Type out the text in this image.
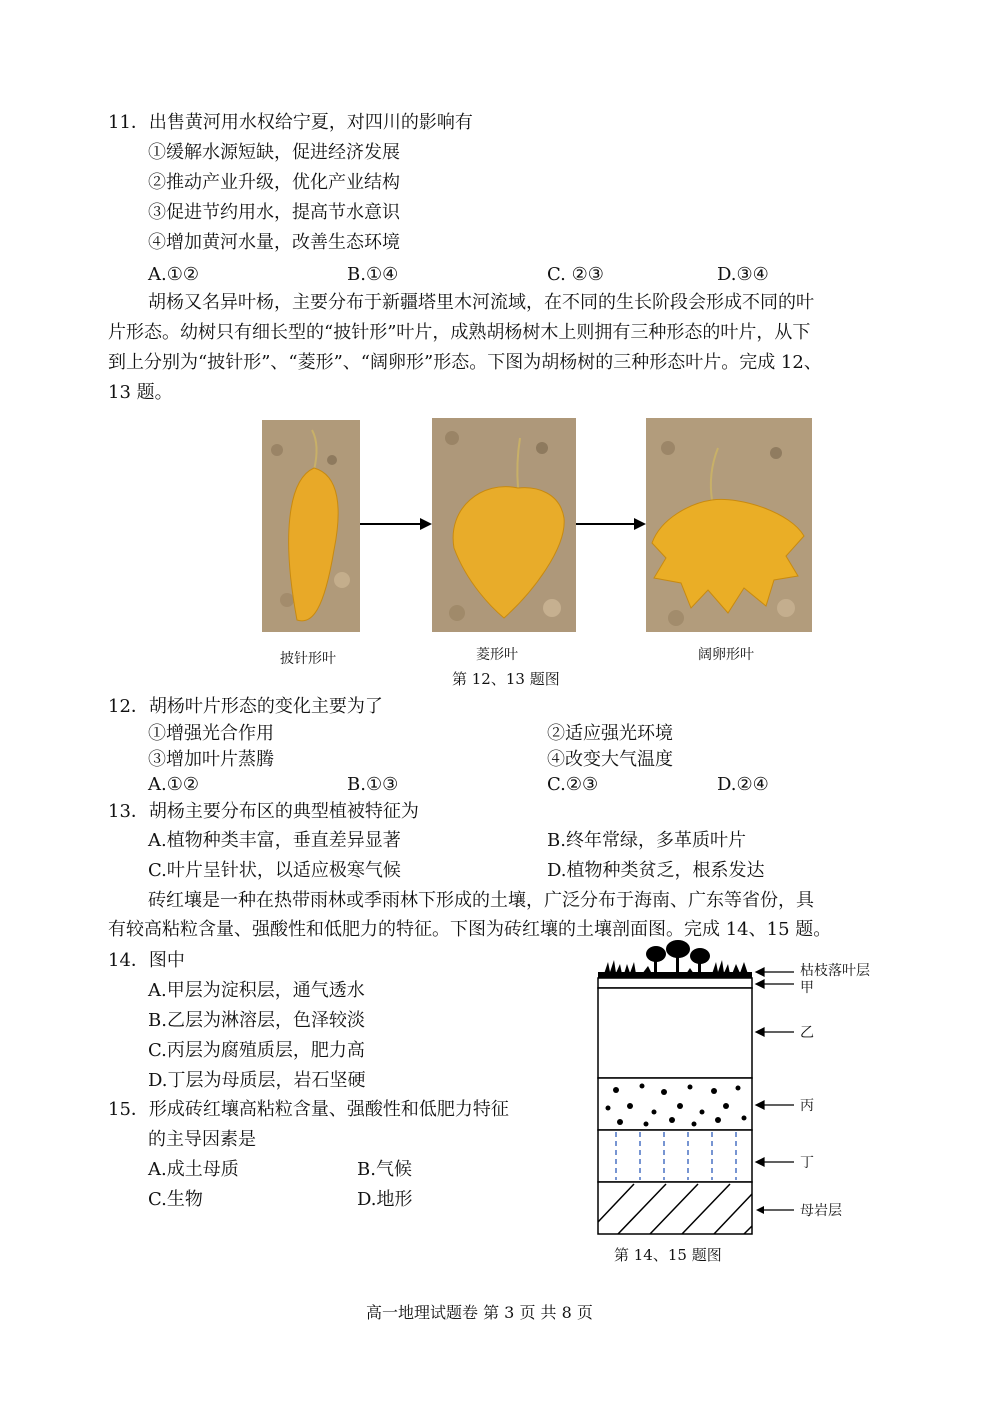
11．出售黄河用水权给宁夏，对四川的影响有
①缓解水源短缺，促进经济发展
②推动产业升级，优化产业结构
③促进节约用水，提高节水意识
④增加黄河水量，改善生态环境
A.①②	B.①④	C. ②③	D.③④
胡杨又名异叶杨，主要分布于新疆塔里木河流域，在不同的生长阶段会形成不同的叶
片形态。幼树只有细长型的“披针形”叶片，成熟胡杨树木上则拥有三种形态的叶片，从下
到上分别为“披针形”、“菱形”、“阔卵形”形态。下图为胡杨树的三种形态叶片。完成 12、
13 题。
披针形叶	菱形叶	阔卵形叶
第 12、13 题图
12．胡杨叶片形态的变化主要为了
①增强光合作用	②适应强光环境
③增加叶片蒸腾	④改变大气温度
A.①②	B.①③	C.②③	D.②④
13．胡杨主要分布区的典型植被特征为
A.植物种类丰富，垂直差异显著	B.终年常绿，多革质叶片
C.叶片呈针状，以适应极寒气候	D.植物种类贫乏，根系发达
砖红壤是一种在热带雨林或季雨林下形成的土壤，广泛分布于海南、广东等省份，具
有较高粘粒含量、强酸性和低肥力的特征。下图为砖红壤的土壤剖面图。完成 14、15 题。
14．图中
A.甲层为淀积层，通气透水
B.乙层为淋溶层，色泽较淡
C.丙层为腐殖质层，肥力高
D.丁层为母质层，岩石坚硬
15．形成砖红壤高粘粒含量、强酸性和低肥力特征
的主导因素是
A.成土母质	B.气候
C.生物	D.地形
枯枝落叶层
甲
乙
丙
丁
母岩层
第 14、15 题图
高一地理试题卷 第 3 页 共 8 页
